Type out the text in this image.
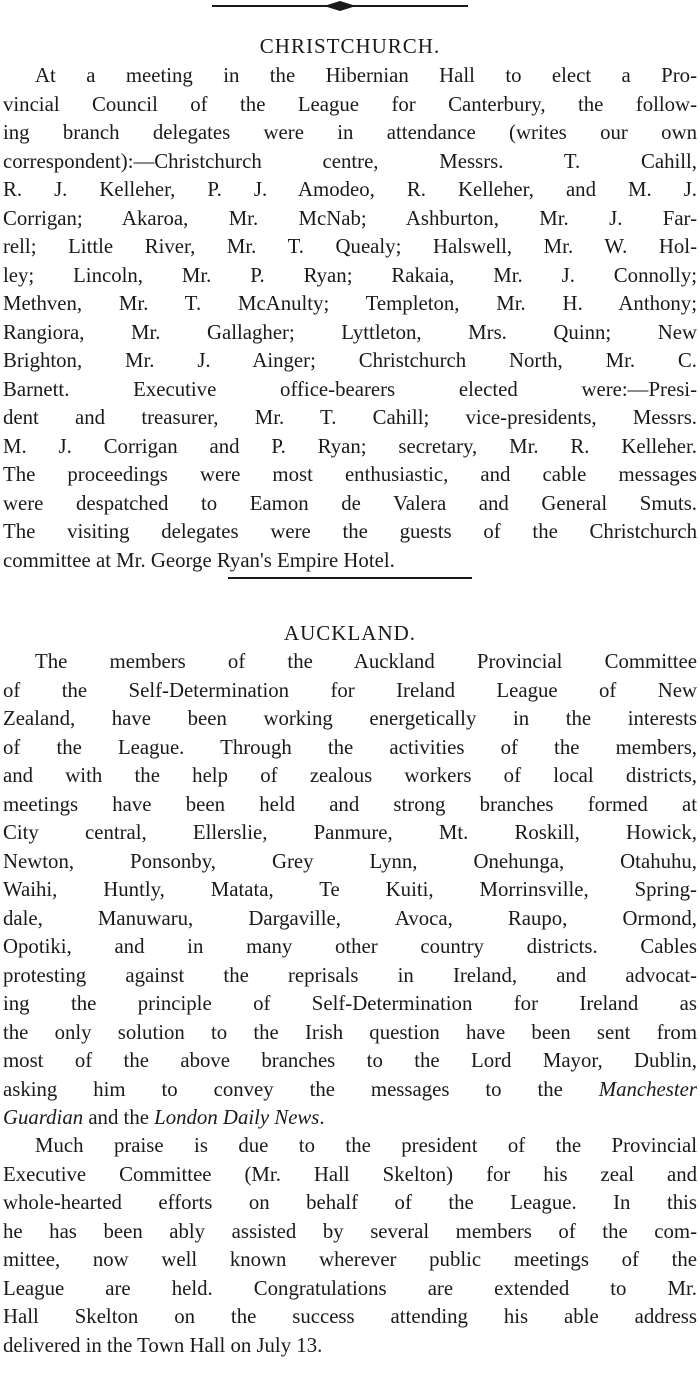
CHRISTCHURCH.
At a meeting in the Hibernian Hall to elect a Pro-
vincial Council of the League for Canterbury, the follow-
ing branch delegates were in attendance (writes our own
correspondent):—Christchurch centre, Messrs. T. Cahill,
R. J. Kelleher, P. J. Amodeo, R. Kelleher, and M. J.
Corrigan; Akaroa, Mr. McNab; Ashburton, Mr. J. Far-
rell; Little River, Mr. T. Quealy; Halswell, Mr. W. Hol-
ley; Lincoln, Mr. P. Ryan; Rakaia, Mr. J. Connolly;
Methven, Mr. T. McAnulty; Templeton, Mr. H. Anthony;
Rangiora, Mr. Gallagher; Lyttleton, Mrs. Quinn; New
Brighton, Mr. J. Ainger; Christchurch North, Mr. C.
Barnett. Executive office-bearers elected were:—Presi-
dent and treasurer, Mr. T. Cahill; vice-presidents, Messrs.
M. J. Corrigan and P. Ryan; secretary, Mr. R. Kelleher.
The proceedings were most enthusiastic, and cable messages
were despatched to Eamon de Valera and General Smuts.
The visiting delegates were the guests of the Christchurch
committee at Mr. George Ryan's Empire Hotel.
AUCKLAND.
The members of the Auckland Provincial Committee
of the Self-Determination for Ireland League of New
Zealand, have been working energetically in the interests
of the League. Through the activities of the members,
and with the help of zealous workers of local districts,
meetings have been held and strong branches formed at
City central, Ellerslie, Panmure, Mt. Roskill, Howick,
Newton, Ponsonby, Grey Lynn, Onehunga, Otahuhu,
Waihi, Huntly, Matata, Te Kuiti, Morrinsville, Spring-
dale, Manuwaru, Dargaville, Avoca, Raupo, Ormond,
Opotiki, and in many other country districts. Cables
protesting against the reprisals in Ireland, and advocat-
ing the principle of Self-Determination for Ireland as
the only solution to the Irish question have been sent from
most of the above branches to the Lord Mayor, Dublin,
asking him to convey the messages to the Manchester
Guardian and the London Daily News.
Much praise is due to the president of the Provincial
Executive Committee (Mr. Hall Skelton) for his zeal and
whole-hearted efforts on behalf of the League. In this
he has been ably assisted by several members of the com-
mittee, now well known wherever public meetings of the
League are held. Congratulations are extended to Mr.
Hall Skelton on the success attending his able address
delivered in the Town Hall on July 13.
